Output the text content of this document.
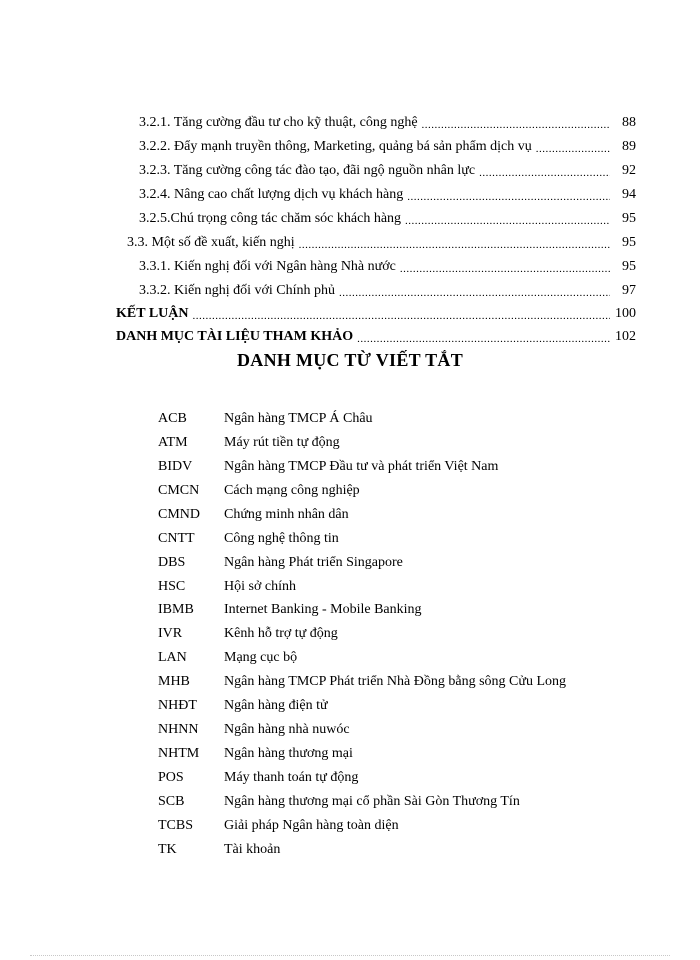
3.2.1. Tăng cường đầu tư cho kỹ thuật, công nghệ .....	88
3.2.2. Đẩy mạnh truyền thông, Marketing, quảng bá sản phẩm dịch vụ .....	89
3.2.3. Tăng cường công tác đào tạo, đãi ngộ nguồn nhân lực .....	92
3.2.4. Nâng cao chất lượng dịch vụ khách hàng .....	94
3.2.5.Chú trọng công tác chăm sóc khách hàng .....	95
3.3. Một số đề xuất, kiến nghị .....	95
3.3.1. Kiến nghị đối với Ngân hàng Nhà nước .....	95
3.3.2. Kiến nghị đối với Chính phủ .....	97
KẾT LUẬN .....	100
DANH MỤC TÀI LIỆU THAM KHẢO .....	102
DANH MỤC TỪ VIẾT TẮT
ACB	Ngân hàng TMCP Á Châu
ATM	Máy rút tiền tự động
BIDV	Ngân hàng TMCP Đầu tư và phát triển Việt Nam
CMCN	Cách mạng công nghiệp
CMND	Chứng minh nhân dân
CNTT	Công nghệ thông tin
DBS	Ngân hàng Phát triển Singapore
HSC	Hội sở chính
IBMB	Internet Banking - Mobile Banking
IVR	Kênh hỗ trợ tự động
LAN	Mạng cục bộ
MHB	Ngân hàng TMCP Phát triển Nhà Đồng bằng sông Cửu Long
NHĐT	Ngân hàng điện tử
NHNN	Ngân hàng nhà nuwóc
NHTM	Ngân hàng thương mại
POS	Máy thanh toán tự động
SCB	Ngân hàng thương mại cổ phần Sài Gòn Thương Tín
TCBS	Giải pháp Ngân hàng toàn diện
TK	Tài khoản
